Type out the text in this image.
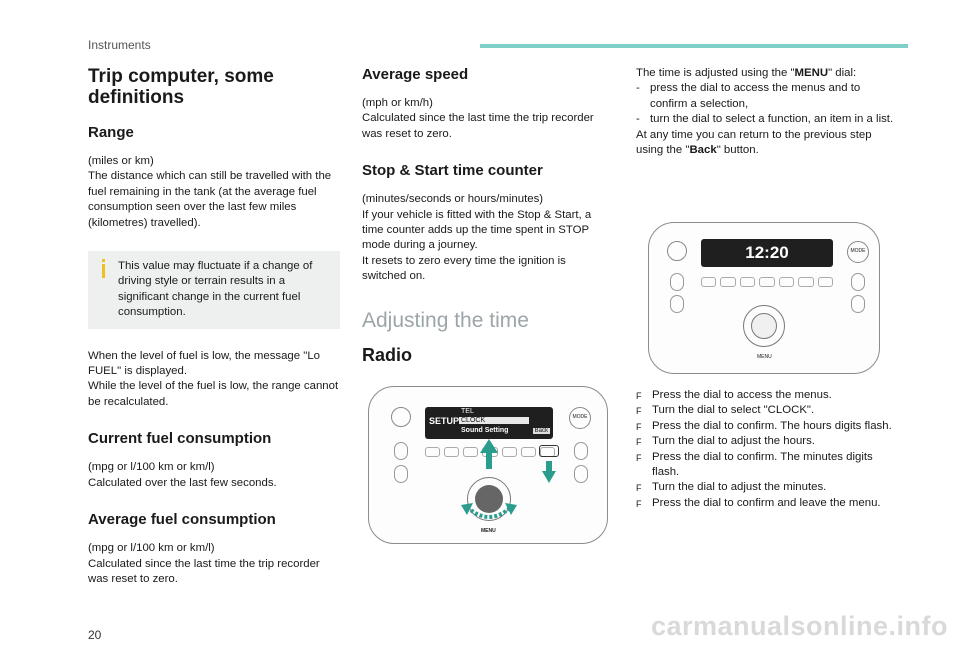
Instruments
Trip computer, some definitions
Range

(miles or km)

The distance which can still be travelled with the fuel remaining in the tank (at the average fuel consumption seen over the last few miles (kilometres) travelled).

This value may fluctuate if a change of driving style or terrain results in a significant change in the current fuel consumption.

When the level of fuel is low, the message "Lo FUEL" is displayed.

While the level of the fuel is low, the range cannot be recalculated.

Current fuel consumption

(mpg or l/100 km or km/l)

Calculated over the last few seconds.

Average fuel consumption

(mpg or l/100 km or km/l)

Calculated since the last time the trip recorder was reset to zero.

Average speed

(mph or km/h)

Calculated since the last time the trip recorder was reset to zero.

Stop & Start time counter

(minutes/seconds or hours/minutes)

If your vehicle is fitted with the Stop & Start, a time counter adds up the time spent in STOP mode during a journey.

It resets to zero every time the ignition is switched on.

Adjusting the time
Radio
SETUP
TEL
CLOCK
Sound Setting	Back
MODE
MENU

The time is adjusted using the "MENU" dial:

- press the dial to access the menus and to confirm a selection,
- turn the dial to select a function, an item in a list.

At any time you can return to the previous step using the "Back" button.

12:20	MODE
MENU
F Press the dial to access the menus.
F Turn the dial to select "CLOCK".
F Press the dial to confirm. The hours digits flash.
F Turn the dial to adjust the hours.
F Press the dial to confirm. The minutes digits flash.
F Turn the dial to adjust the minutes.
F Press the dial to confirm and leave the menu.
20	carmanualsonline.info
